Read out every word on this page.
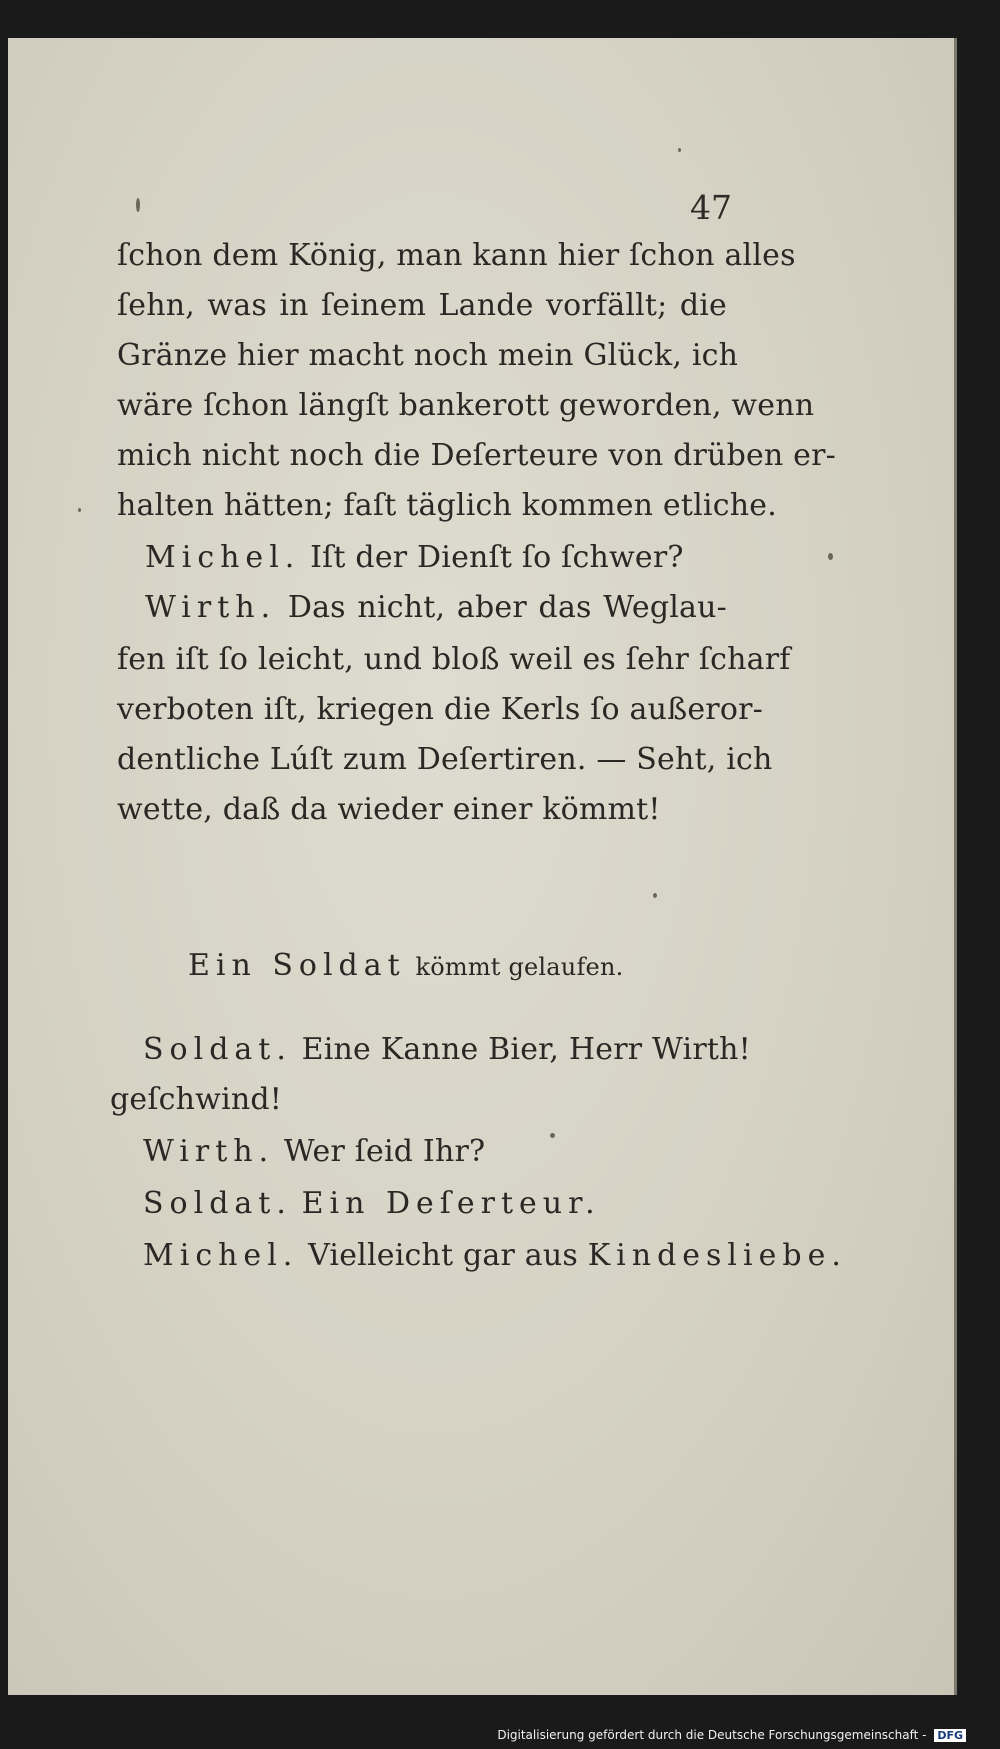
47
ſchon dem König, man kann hier ſchon alles
ſehn, was in ſeinem Lande vorfällt; die
Gränze hier macht noch mein Glück, ich
wäre ſchon längſt bankerott geworden, wenn
mich nicht noch die Deſerteure von drüben er-
halten hätten; faſt täglich kommen etliche.
Michel. Iſt der Dienſt ſo ſchwer?
Wirth. Das nicht, aber das Weglau-
fen iſt ſo leicht, und bloß weil es ſehr ſcharf
verboten iſt, kriegen die Kerls ſo außeror-
dentliche Lúſt zum Deſertiren. — Seht, ich
wette, daß da wieder einer kömmt!
Ein Soldat kömmt gelaufen.
Soldat. Eine Kanne Bier, Herr Wirth!
geſchwind!
Wirth. Wer ſeid Ihr?
Soldat. Ein Deſerteur.
Michel. Vielleicht gar aus Kindesliebe.
Digitalisierung gefördert durch die Deutsche Forschungsgemeinschaft - DFG
